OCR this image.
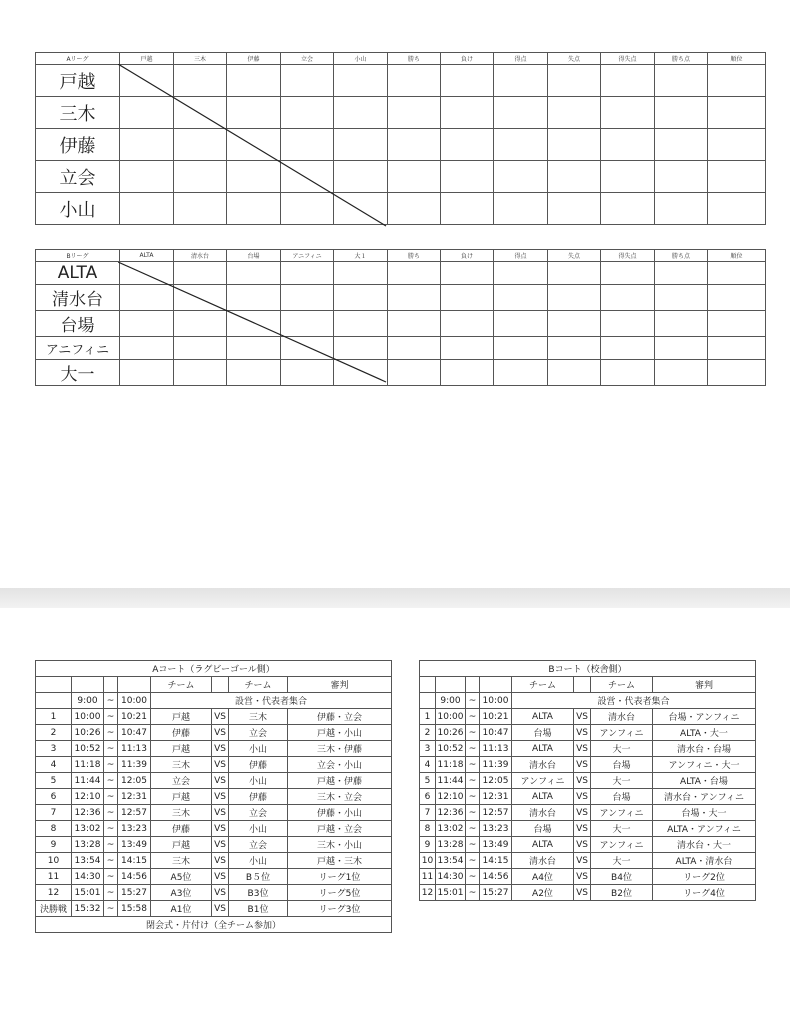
Aリーグ	戸越	三木	伊藤	立会	小山	勝ち	負け	得点	失点	得失点	勝ち点	順位
戸越												
三木												
伊藤												
立会												
小山												
Bリーグ	ALTA	清水台	台場	アニフィニ	大１	勝ち	負け	得点	失点	得失点	勝ち点	順位
ALTA												
清水台												
台場												
アニフィニ												
大一												
Aコート（ラグビーゴール側）							
				チーム		チーム	審判
	9:00	~	10:00	設営・代表者集合			
1	10:00	~	10:21	戸越	VS	三木	伊藤・立会
2	10:26	~	10:47	伊藤	VS	立会	戸越・小山
3	10:52	~	11:13	戸越	VS	小山	三木・伊藤
4	11:18	~	11:39	三木	VS	伊藤	立会・小山
5	11:44	~	12:05	立会	VS	小山	戸越・伊藤
6	12:10	~	12:31	戸越	VS	伊藤	三木・立会
7	12:36	~	12:57	三木	VS	立会	伊藤・小山
8	13:02	~	13:23	伊藤	VS	小山	戸越・立会
9	13:28	~	13:49	戸越	VS	立会	三木・小山
10	13:54	~	14:15	三木	VS	小山	戸越・三木
11	14:30	~	14:56	A5位	VS	B５位	リーグ1位
12	15:01	~	15:27	A3位	VS	B3位	リーグ5位
決勝戦	15:32	~	15:58	A1位	VS	B1位	リーグ3位
閉会式・片付け（全チーム参加）							
Bコート（校舎側）							
				チーム		チーム	審判
	9:00	~	10:00	設営・代表者集合			
1	10:00	~	10:21	ALTA	VS	清水台	台場・アンフィニ
2	10:26	~	10:47	台場	VS	アンフィニ	ALTA・大一
3	10:52	~	11:13	ALTA	VS	大一	清水台・台場
4	11:18	~	11:39	清水台	VS	台場	アンフィニ・大一
5	11:44	~	12:05	アンフィニ	VS	大一	ALTA・台場
6	12:10	~	12:31	ALTA	VS	台場	清水台・アンフィニ
7	12:36	~	12:57	清水台	VS	アンフィニ	台場・大一
8	13:02	~	13:23	台場	VS	大一	ALTA・アンフィニ
9	13:28	~	13:49	ALTA	VS	アンフィニ	清水台・大一
10	13:54	~	14:15	清水台	VS	大一	ALTA・清水台
11	14:30	~	14:56	A4位	VS	B4位	リーグ2位
12	15:01	~	15:27	A2位	VS	B2位	リーグ4位
